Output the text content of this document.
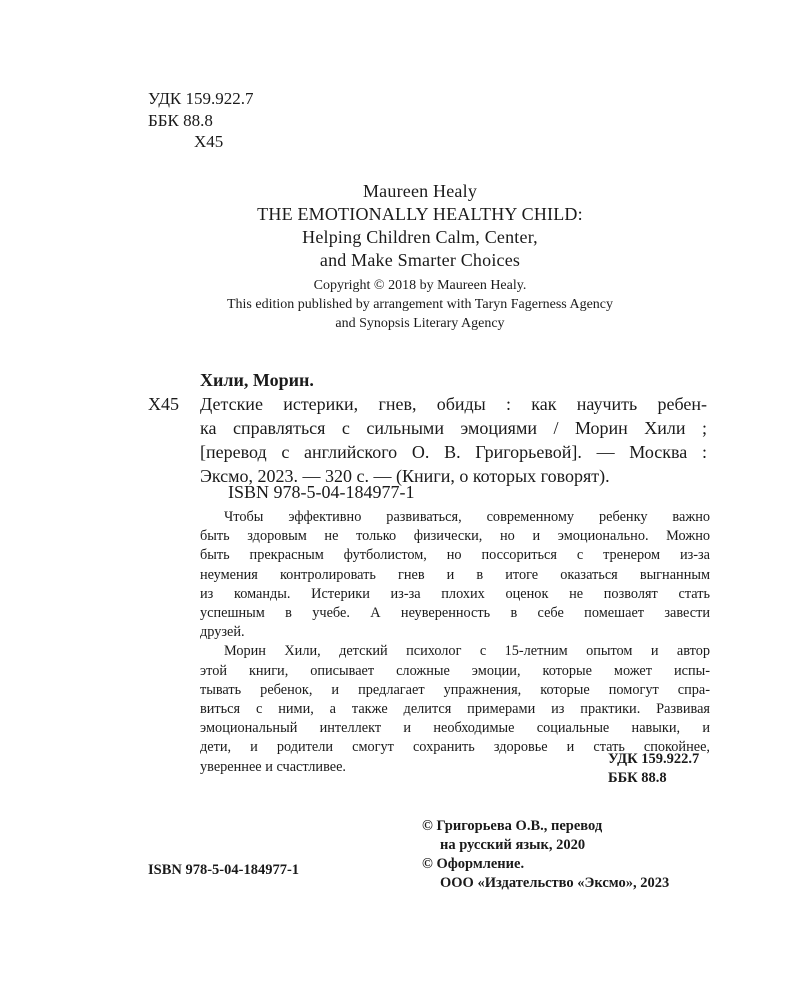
УДК 159.922.7
ББК 88.8
Х45
Maureen Healy
THE EMOTIONALLY HEALTHY CHILD:
Helping Children Calm, Center,
and Make Smarter Choices
Copyright © 2018 by Maureen Healy.
This edition published by arrangement with Taryn Fagerness Agency
and Synopsis Literary Agency
Хили, Морин.
Х45 Детские истерики, гнев, обиды : как научить ребен-
ка справляться с сильными эмоциями / Морин Хили ;
[перевод с английского О. В. Григорьевой]. — Москва :
Эксмо, 2023. — 320 с. — (Книги, о которых говорят).
ISBN 978-5-04-184977-1
Чтобы эффективно развиваться, современному ребенку важно
быть здоровым не только физически, но и эмоционально. Можно
быть прекрасным футболистом, но поссориться с тренером из-за
неумения контролировать гнев и в итоге оказаться выгнанным
из команды. Истерики из-за плохих оценок не позволят стать
успешным в учебе. А неуверенность в себе помешает завести
друзей.
Морин Хили, детский психолог с 15-летним опытом и автор
этой книги, описывает сложные эмоции, которые может испы-
тывать ребенок, и предлагает упражнения, которые помогут спра-
виться с ними, а также делится примерами из практики. Развивая
эмоциональный интеллект и необходимые социальные навыки, и
дети, и родители смогут сохранить здоровье и стать спокойнее,
увереннее и счастливее.	УДК 159.922.7
ББК 88.8
ISBN 978-5-04-184977-1
© Григорьева О.В., перевод
на русский язык, 2020
© Оформление.
ООО «Издательство «Эксмо», 2023
